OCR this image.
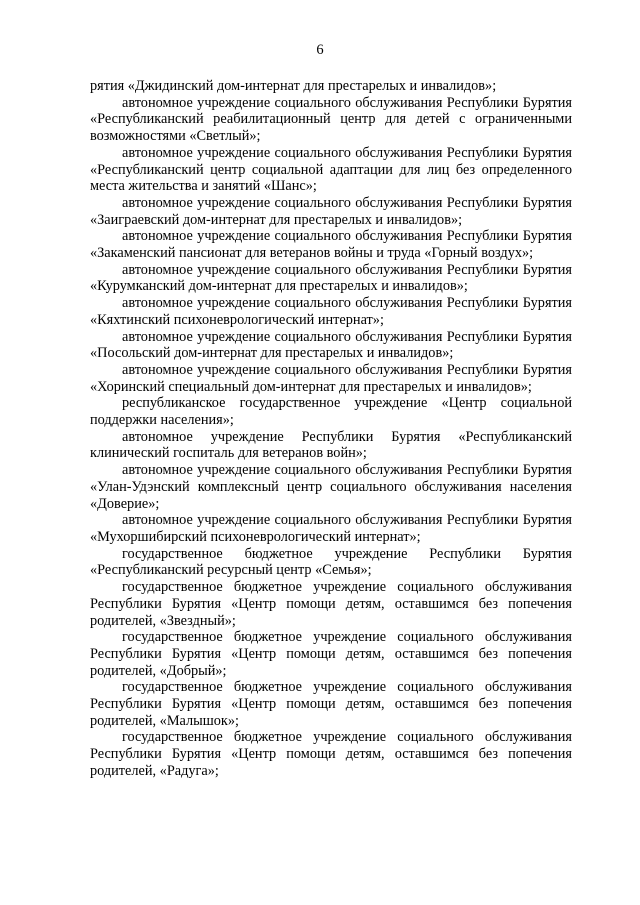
6

рятия «Джидинский дом-интернат для престарелых и инвалидов»;

автономное учреждение социального обслуживания Республики Бурятия «Республиканский реабилитационный центр для детей с ограниченными возможностями «Светлый»;

автономное учреждение социального обслуживания Республики Бурятия «Республиканский центр социальной адаптации для лиц без определенного места жительства и занятий «Шанс»;

автономное учреждение социального обслуживания Республики Бурятия «Заиграевский дом-интернат для престарелых и инвалидов»;

автономное учреждение социального обслуживания Республики Бурятия «Закаменский пансионат для ветеранов войны и труда «Горный воздух»;

автономное учреждение социального обслуживания Республики Бурятия «Курумканский дом-интернат для престарелых и инвалидов»;

автономное учреждение социального обслуживания Республики Бурятия «Кяхтинский психоневрологический интернат»;

автономное учреждение социального обслуживания Республики Бурятия «Посольский дом-интернат для престарелых и инвалидов»;

автономное учреждение социального обслуживания Республики Бурятия «Хоринский специальный дом-интернат для престарелых и инвалидов»;

республиканское государственное учреждение «Центр социальной поддержки населения»;

автономное учреждение Республики Бурятия «Республиканский клинический госпиталь для ветеранов войн»;

автономное учреждение социального обслуживания Республики Бурятия «Улан-Удэнский комплексный центр социального обслуживания населения «Доверие»;

автономное учреждение социального обслуживания Республики Бурятия «Мухоршибирский психоневрологический интернат»;

государственное бюджетное учреждение Республики Бурятия «Республиканский ресурсный центр «Семья»;

государственное бюджетное учреждение социального обслуживания Республики Бурятия «Центр помощи детям, оставшимся без попечения родителей, «Звездный»;

государственное бюджетное учреждение социального обслуживания Республики Бурятия «Центр помощи детям, оставшимся без попечения родителей, «Добрый»;

государственное бюджетное учреждение социального обслуживания Республики Бурятия «Центр помощи детям, оставшимся без попечения родителей, «Малышок»;

государственное бюджетное учреждение социального обслуживания Республики Бурятия «Центр помощи детям, оставшимся без попечения родителей, «Радуга»;
